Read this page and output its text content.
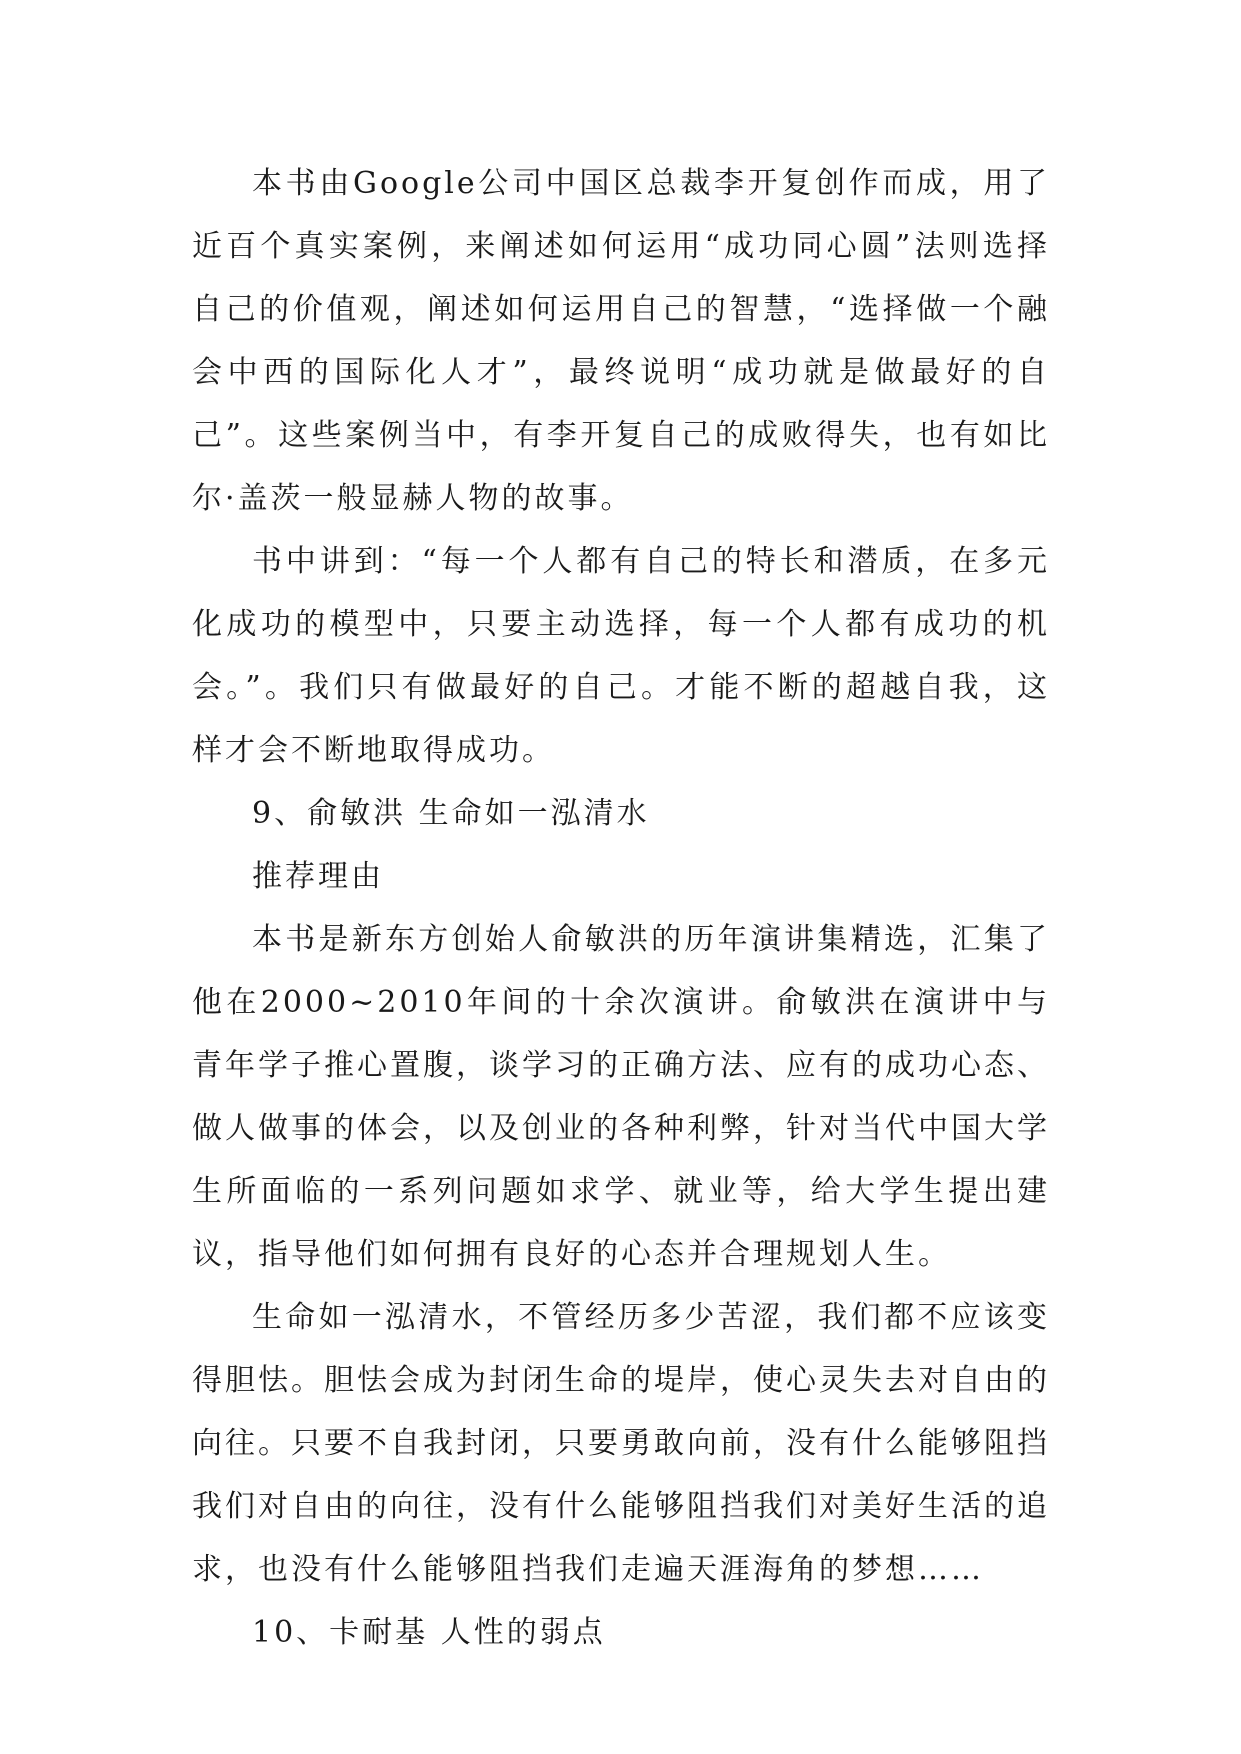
本书由Google公司中国区总裁李开复创作而成，用了近百个真实案例，来阐述如何运用“成功同心圆”法则选择自己的价值观，阐述如何运用自己的智慧，“选择做一个融会中西的国际化人才”，最终说明“成功就是做最好的自己”。这些案例当中，有李开复自己的成败得失，也有如比尔·盖茨一般显赫人物的故事。

书中讲到：“每一个人都有自己的特长和潜质，在多元化成功的模型中，只要主动选择，每一个人都有成功的机会。”。我们只有做最好的自己。才能不断的超越自我，这样才会不断地取得成功。

9、俞敏洪 生命如一泓清水

推荐理由

本书是新东方创始人俞敏洪的历年演讲集精选，汇集了他在2000~2010年间的十余次演讲。俞敏洪在演讲中与青年学子推心置腹，谈学习的正确方法、应有的成功心态、做人做事的体会，以及创业的各种利弊，针对当代中国大学生所面临的一系列问题如求学、就业等，给大学生提出建议，指导他们如何拥有良好的心态并合理规划人生。

生命如一泓清水，不管经历多少苦涩，我们都不应该变得胆怯。胆怯会成为封闭生命的堤岸，使心灵失去对自由的向往。只要不自我封闭，只要勇敢向前，没有什么能够阻挡我们对自由的向往，没有什么能够阻挡我们对美好生活的追求，也没有什么能够阻挡我们走遍天涯海角的梦想……

10、卡耐基 人性的弱点
